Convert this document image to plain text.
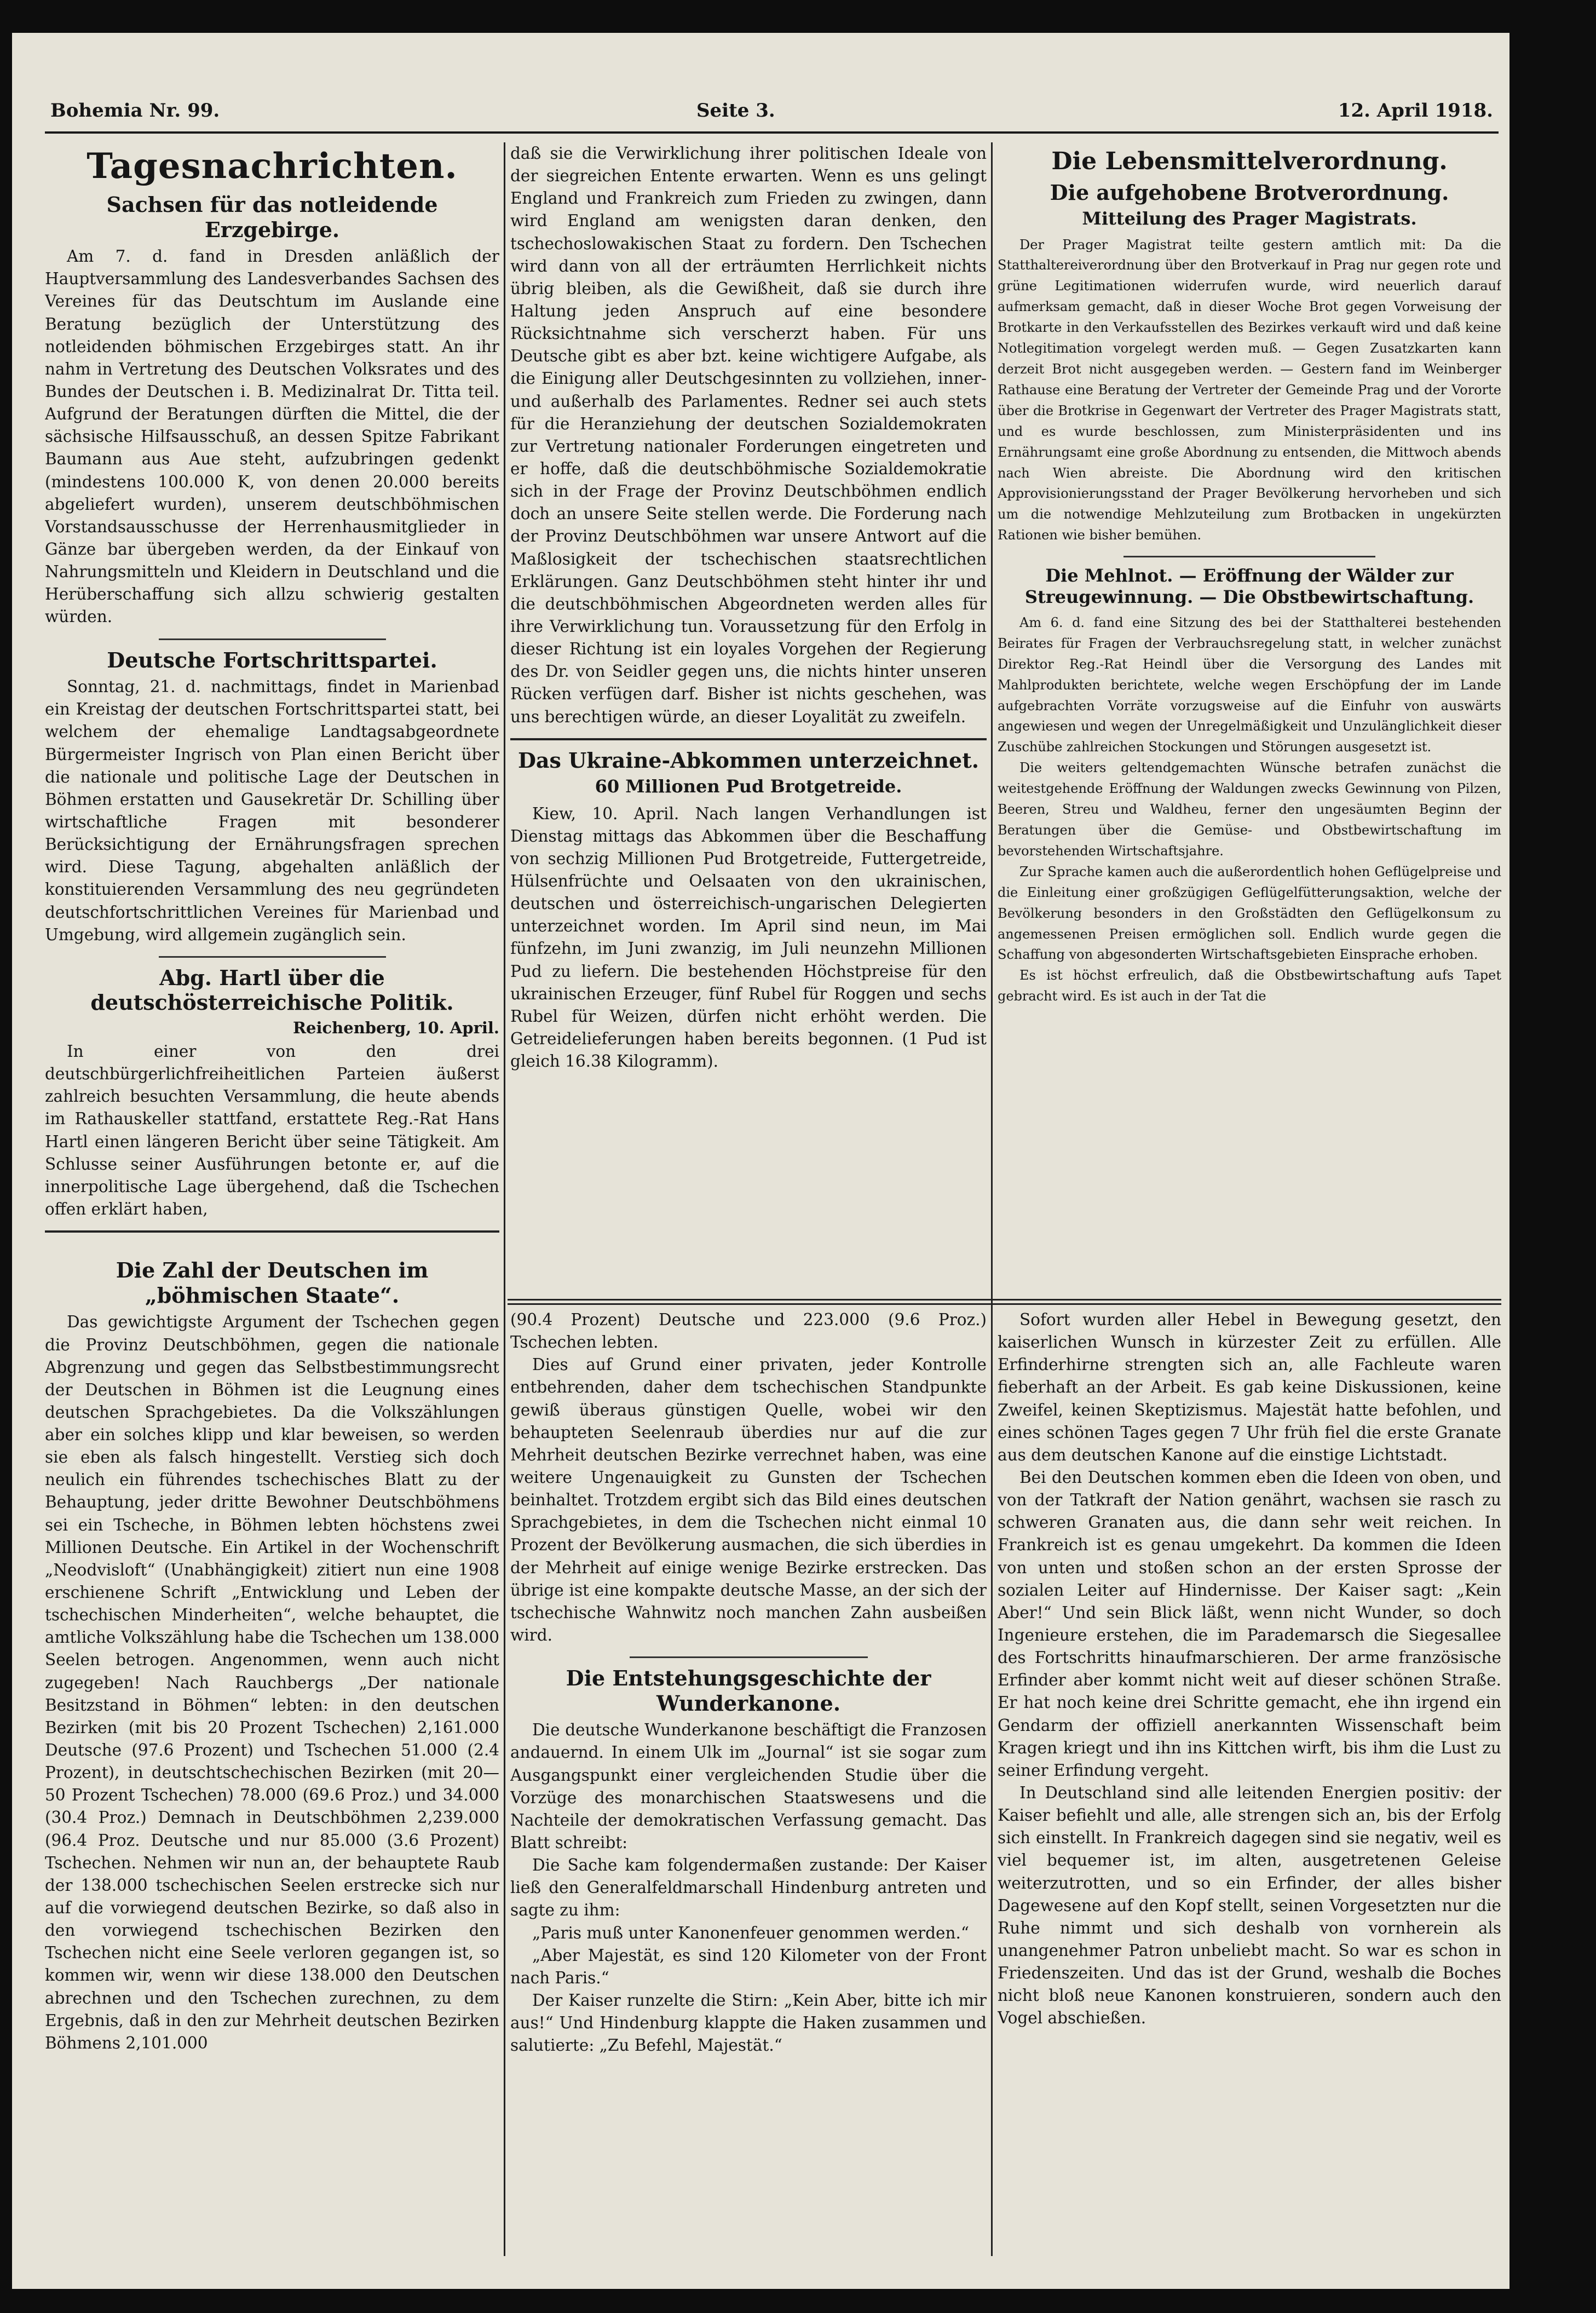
Bohemia Nr. 99.	Seite 3.	12. April 1918.
Tagesnachrichten.
Sachsen für das notleidende Erzgebirge.

Am 7. d. fand in Dresden anläßlich der Hauptversammlung des Landesverbandes Sachsen des Vereines für das Deutschtum im Auslande eine Beratung bezüglich der Unterstützung des notleidenden böhmischen Erzgebirges statt. An ihr nahm in Vertretung des Deutschen Volksrates und des Bundes der Deutschen i. B. Medizinalrat Dr. Titta teil. Aufgrund der Beratungen dürften die Mittel, die der sächsische Hilfsausschuß, an dessen Spitze Fabrikant Baumann aus Aue steht, aufzubringen gedenkt (mindestens 100.000 K, von denen 20.000 bereits abgeliefert wurden), unserem deutschböhmischen Vorstandsausschusse der Herrenhausmitglieder in Gänze bar übergeben werden, da der Einkauf von Nahrungsmitteln und Kleidern in Deutschland und die Herüberschaffung sich allzu schwierig gestalten würden.

Deutsche Fortschrittspartei.

Sonntag, 21. d. nachmittags, findet in Marienbad ein Kreistag der deutschen Fortschrittspartei statt, bei welchem der ehemalige Landtagsabgeordnete Bürgermeister Ingrisch von Plan einen Bericht über die nationale und politische Lage der Deutschen in Böhmen erstatten und Gausekretär Dr. Schilling über wirtschaftliche Fragen mit besonderer Berücksichtigung der Ernährungsfragen sprechen wird. Diese Tagung, abgehalten anläßlich der konstituierenden Versammlung des neu gegründeten deutschfortschrittlichen Vereines für Marienbad und Umgebung, wird allgemein zugänglich sein.

Abg. Hartl über die deutschösterreichische Politik.
Reichenberg, 10. April.

In einer von den drei deutschbürgerlichfreiheitlichen Parteien äußerst zahlreich besuchten Versammlung, die heute abends im Rathauskeller stattfand, erstattete Reg.-Rat Hans Hartl einen längeren Bericht über seine Tätigkeit. Am Schlusse seiner Ausführungen betonte er, auf die innerpolitische Lage übergehend, daß die Tschechen offen erklärt haben,

Die Zahl der Deutschen im „böhmischen Staate“.

Das gewichtigste Argument der Tschechen gegen die Provinz Deutschböhmen, gegen die nationale Abgrenzung und gegen das Selbstbestimmungsrecht der Deutschen in Böhmen ist die Leugnung eines deutschen Sprachgebietes. Da die Volkszählungen aber ein solches klipp und klar beweisen, so werden sie eben als falsch hingestellt. Verstieg sich doch neulich ein führendes tschechisches Blatt zu der Behauptung, jeder dritte Bewohner Deutschböhmens sei ein Tscheche, in Böhmen lebten höchstens zwei Millionen Deutsche. Ein Artikel in der Wochenschrift „Neodvisloft“ (Unabhängigkeit) zitiert nun eine 1908 erschienene Schrift „Entwicklung und Leben der tschechischen Minderheiten“, welche behauptet, die amtliche Volkszählung habe die Tschechen um 138.000 Seelen betrogen. Angenommen, wenn auch nicht zugegeben! Nach Rauchbergs „Der nationale Besitzstand in Böhmen“ lebten: in den deutschen Bezirken (mit bis 20 Prozent Tschechen) 2,161.000 Deutsche (97.6 Prozent) und Tschechen 51.000 (2.4 Prozent), in deutschtschechischen Bezirken (mit 20—50 Prozent Tschechen) 78.000 (69.6 Proz.) und 34.000 (30.4 Proz.) Demnach in Deutschböhmen 2,239.000 (96.4 Proz. Deutsche und nur 85.000 (3.6 Prozent) Tschechen. Nehmen wir nun an, der behauptete Raub der 138.000 tschechischen Seelen erstrecke sich nur auf die vorwiegend deutschen Bezirke, so daß also in den vorwiegend tschechischen Bezirken den Tschechen nicht eine Seele verloren gegangen ist, so kommen wir, wenn wir diese 138.000 den Deutschen abrechnen und den Tschechen zurechnen, zu dem Ergebnis, daß in den zur Mehrheit deutschen Bezirken Böhmens 2,101.000

daß sie die Verwirklichung ihrer politischen Ideale von der siegreichen Entente erwarten. Wenn es uns gelingt England und Frankreich zum Frieden zu zwingen, dann wird England am wenigsten daran denken, den tschechoslowakischen Staat zu fordern. Den Tschechen wird dann von all der erträumten Herrlichkeit nichts übrig bleiben, als die Gewißheit, daß sie durch ihre Haltung jeden Anspruch auf eine besondere Rücksichtnahme sich verscherzt haben. Für uns Deutsche gibt es aber bzt. keine wichtigere Aufgabe, als die Einigung aller Deutschgesinnten zu vollziehen, inner- und außerhalb des Parlamentes. Redner sei auch stets für die Heranziehung der deutschen Sozialdemokraten zur Vertretung nationaler Forderungen eingetreten und er hoffe, daß die deutschböhmische Sozialdemokratie sich in der Frage der Provinz Deutschböhmen endlich doch an unsere Seite stellen werde. Die Forderung nach der Provinz Deutschböhmen war unsere Antwort auf die Maßlosigkeit der tschechischen staatsrechtlichen Erklärungen. Ganz Deutschböhmen steht hinter ihr und die deutschböhmischen Abgeordneten werden alles für ihre Verwirklichung tun. Voraussetzung für den Erfolg in dieser Richtung ist ein loyales Vorgehen der Regierung des Dr. von Seidler gegen uns, die nichts hinter unseren Rücken verfügen darf. Bisher ist nichts geschehen, was uns berechtigen würde, an dieser Loyalität zu zweifeln.

Das Ukraine-Abkommen unterzeichnet.
60 Millionen Pud Brotgetreide.

Kiew, 10. April. Nach langen Verhandlungen ist Dienstag mittags das Abkommen über die Beschaffung von sechzig Millionen Pud Brotgetreide, Futtergetreide, Hülsenfrüchte und Oelsaaten von den ukrainischen, deutschen und österreichisch-ungarischen Delegierten unterzeichnet worden. Im April sind neun, im Mai fünfzehn, im Juni zwanzig, im Juli neunzehn Millionen Pud zu liefern. Die bestehenden Höchstpreise für den ukrainischen Erzeuger, fünf Rubel für Roggen und sechs Rubel für Weizen, dürfen nicht erhöht werden. Die Getreidelieferungen haben bereits begonnen. (1 Pud ist gleich 16.38 Kilogramm).

Die Lebensmittelverordnung.
Die aufgehobene Brotverordnung.
Mitteilung des Prager Magistrats.

Der Prager Magistrat teilte gestern amtlich mit: Da die Statthaltereiverordnung über den Brotverkauf in Prag nur gegen rote und grüne Legitimationen widerrufen wurde, wird neuerlich darauf aufmerksam gemacht, daß in dieser Woche Brot gegen Vorweisung der Brotkarte in den Verkaufsstellen des Bezirkes verkauft wird und daß keine Notlegitimation vorgelegt werden muß. — Gegen Zusatzkarten kann derzeit Brot nicht ausgegeben werden. — Gestern fand im Weinberger Rathause eine Beratung der Vertreter der Gemeinde Prag und der Vororte über die Brotkrise in Gegenwart der Vertreter des Prager Magistrats statt, und es wurde beschlossen, zum Ministerpräsidenten und ins Ernährungsamt eine große Abordnung zu entsenden, die Mittwoch abends nach Wien abreiste. Die Abordnung wird den kritischen Approvisionierungsstand der Prager Bevölkerung hervorheben und sich um die notwendige Mehlzuteilung zum Brotbacken in ungekürzten Rationen wie bisher bemühen.

Die Mehlnot. — Eröffnung der Wälder zur Streugewinnung. — Die Obstbewirtschaftung.

Am 6. d. fand eine Sitzung des bei der Statthalterei bestehenden Beirates für Fragen der Verbrauchsregelung statt, in welcher zunächst Direktor Reg.-Rat Heindl über die Versorgung des Landes mit Mahlprodukten berichtete, welche wegen Erschöpfung der im Lande aufgebrachten Vorräte vorzugsweise auf die Einfuhr von auswärts angewiesen und wegen der Unregelmäßigkeit und Unzulänglichkeit dieser Zuschübe zahlreichen Stockungen und Störungen ausgesetzt ist.

Die weiters geltendgemachten Wünsche betrafen zunächst die weitestgehende Eröffnung der Waldungen zwecks Gewinnung von Pilzen, Beeren, Streu und Waldheu, ferner den ungesäumten Beginn der Beratungen über die Gemüse- und Obstbewirtschaftung im bevorstehenden Wirtschaftsjahre.

Zur Sprache kamen auch die außerordentlich hohen Geflügelpreise und die Einleitung einer großzügigen Geflügelfütterungsaktion, welche der Bevölkerung besonders in den Großstädten den Geflügelkonsum zu angemessenen Preisen ermöglichen soll. Endlich wurde gegen die Schaffung von abgesonderten Wirtschaftsgebieten Einsprache erhoben.

Es ist höchst erfreulich, daß die Obstbewirtschaftung aufs Tapet gebracht wird. Es ist auch in der Tat die

(90.4 Prozent) Deutsche und 223.000 (9.6 Proz.) Tschechen lebten.

Dies auf Grund einer privaten, jeder Kontrolle entbehrenden, daher dem tschechischen Standpunkte gewiß überaus günstigen Quelle, wobei wir den behaupteten Seelenraub überdies nur auf die zur Mehrheit deutschen Bezirke verrechnet haben, was eine weitere Ungenauigkeit zu Gunsten der Tschechen beinhaltet. Trotzdem ergibt sich das Bild eines deutschen Sprachgebietes, in dem die Tschechen nicht einmal 10 Prozent der Bevölkerung ausmachen, die sich überdies in der Mehrheit auf einige wenige Bezirke erstrecken. Das übrige ist eine kompakte deutsche Masse, an der sich der tschechische Wahnwitz noch manchen Zahn ausbeißen wird.

Die Entstehungsgeschichte der Wunderkanone.

Die deutsche Wunderkanone beschäftigt die Franzosen andauernd. In einem Ulk im „Journal“ ist sie sogar zum Ausgangspunkt einer vergleichenden Studie über die Vorzüge des monarchischen Staatswesens und die Nachteile der demokratischen Verfassung gemacht. Das Blatt schreibt:

Die Sache kam folgendermaßen zustande: Der Kaiser ließ den Generalfeldmarschall Hindenburg antreten und sagte zu ihm:

„Paris muß unter Kanonenfeuer genommen werden.“

„Aber Majestät, es sind 120 Kilometer von der Front nach Paris.“

Der Kaiser runzelte die Stirn: „Kein Aber, bitte ich mir aus!“ Und Hindenburg klappte die Haken zusammen und salutierte: „Zu Befehl, Majestät.“

Sofort wurden aller Hebel in Bewegung gesetzt, den kaiserlichen Wunsch in kürzester Zeit zu erfüllen. Alle Erfinderhirne strengten sich an, alle Fachleute waren fieberhaft an der Arbeit. Es gab keine Diskussionen, keine Zweifel, keinen Skeptizismus. Majestät hatte befohlen, und eines schönen Tages gegen 7 Uhr früh fiel die erste Granate aus dem deutschen Kanone auf die einstige Lichtstadt.

Bei den Deutschen kommen eben die Ideen von oben, und von der Tatkraft der Nation genährt, wachsen sie rasch zu schweren Granaten aus, die dann sehr weit reichen. In Frankreich ist es genau umgekehrt. Da kommen die Ideen von unten und stoßen schon an der ersten Sprosse der sozialen Leiter auf Hindernisse. Der Kaiser sagt: „Kein Aber!“ Und sein Blick läßt, wenn nicht Wunder, so doch Ingenieure erstehen, die im Parademarsch die Siegesallee des Fortschritts hinaufmarschieren. Der arme französische Erfinder aber kommt nicht weit auf dieser schönen Straße. Er hat noch keine drei Schritte gemacht, ehe ihn irgend ein Gendarm der offiziell anerkannten Wissenschaft beim Kragen kriegt und ihn ins Kittchen wirft, bis ihm die Lust zu seiner Erfindung vergeht.

In Deutschland sind alle leitenden Energien positiv: der Kaiser befiehlt und alle, alle strengen sich an, bis der Erfolg sich einstellt. In Frankreich dagegen sind sie negativ, weil es viel bequemer ist, im alten, ausgetretenen Geleise weiterzutrotten, und so ein Erfinder, der alles bisher Dagewesene auf den Kopf stellt, seinen Vorgesetzten nur die Ruhe nimmt und sich deshalb von vornherein als unangenehmer Patron unbeliebt macht. So war es schon in Friedenszeiten. Und das ist der Grund, weshalb die Boches nicht bloß neue Kanonen konstruieren, sondern auch den Vogel abschießen.
